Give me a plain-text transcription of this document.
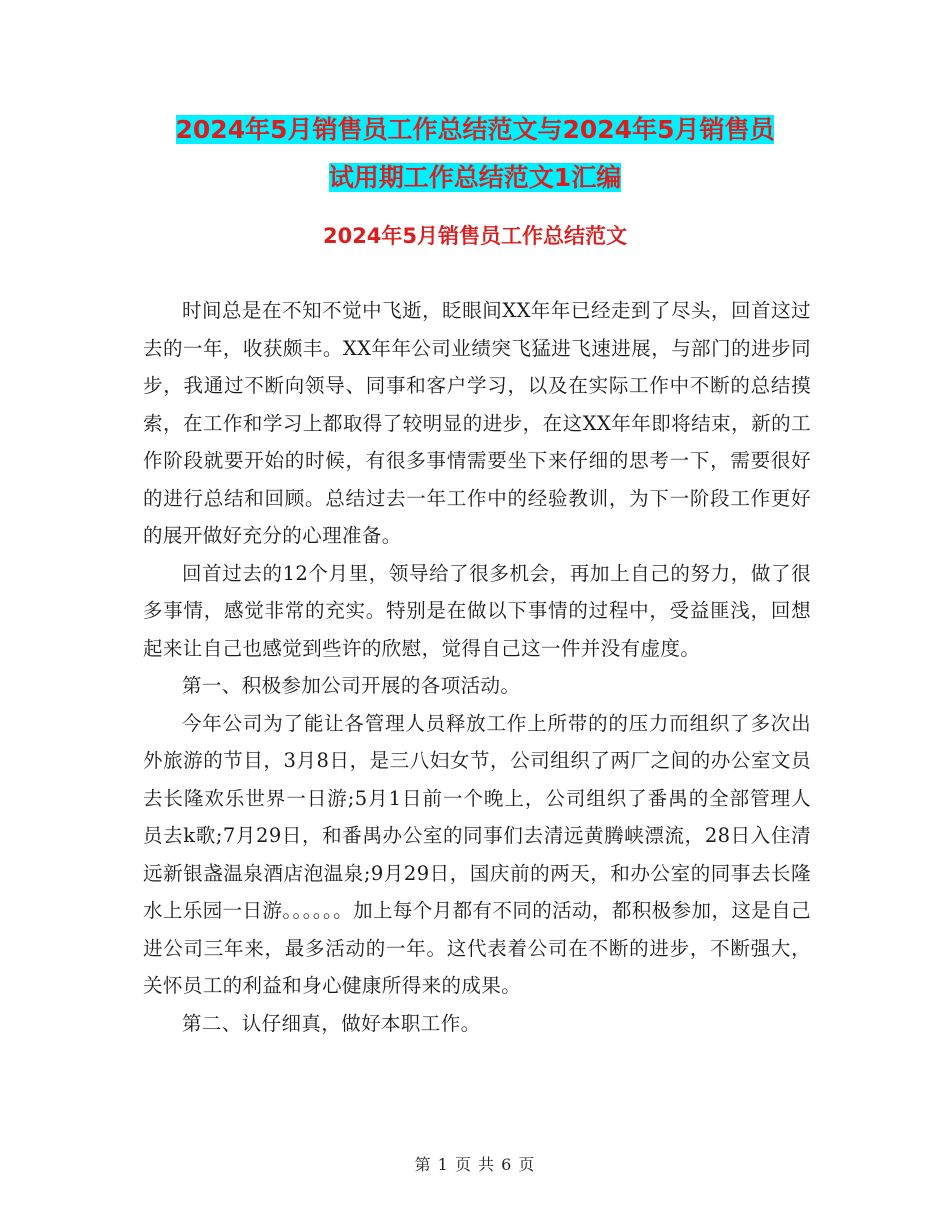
2024年5月销售员工作总结范文与2024年5月销售员
试用期工作总结范文1汇编
2024年5月销售员工作总结范文

时间总是在不知不觉中飞逝，眨眼间XX年年已经走到了尽头，回首这过去的一年，收获颇丰。XX年年公司业绩突飞猛进飞速进展，与部门的进步同步，我通过不断向领导、同事和客户学习，以及在实际工作中不断的总结摸索，在工作和学习上都取得了较明显的进步，在这XX年年即将结束，新的工作阶段就要开始的时候，有很多事情需要坐下来仔细的思考一下，需要很好的进行总结和回顾。总结过去一年工作中的经验教训，为下一阶段工作更好的展开做好充分的心理准备。

回首过去的12个月里，领导给了很多机会，再加上自己的努力，做了很多事情，感觉非常的充实。特别是在做以下事情的过程中，受益匪浅，回想起来让自己也感觉到些许的欣慰，觉得自己这一件并没有虚度。

第一、积极参加公司开展的各项活动。

今年公司为了能让各管理人员释放工作上所带的的压力而组织了多次出外旅游的节目，3月8日，是三八妇女节，公司组织了两厂之间的办公室文员去长隆欢乐世界一日游;5月1日前一个晚上，公司组织了番禺的全部管理人员去k歌;7月29日，和番禺办公室的同事们去清远黄腾峡漂流，28日入住清远新银盏温泉酒店泡温泉;9月29日，国庆前的两天，和办公室的同事去长隆水上乐园一日游。。。。。。加上每个月都有不同的活动，都积极参加，这是自己进公司三年来，最多活动的一年。这代表着公司在不断的进步，不断强大，关怀员工的利益和身心健康所得来的成果。

第二、认仔细真，做好本职工作。

第 1 页 共 6 页
